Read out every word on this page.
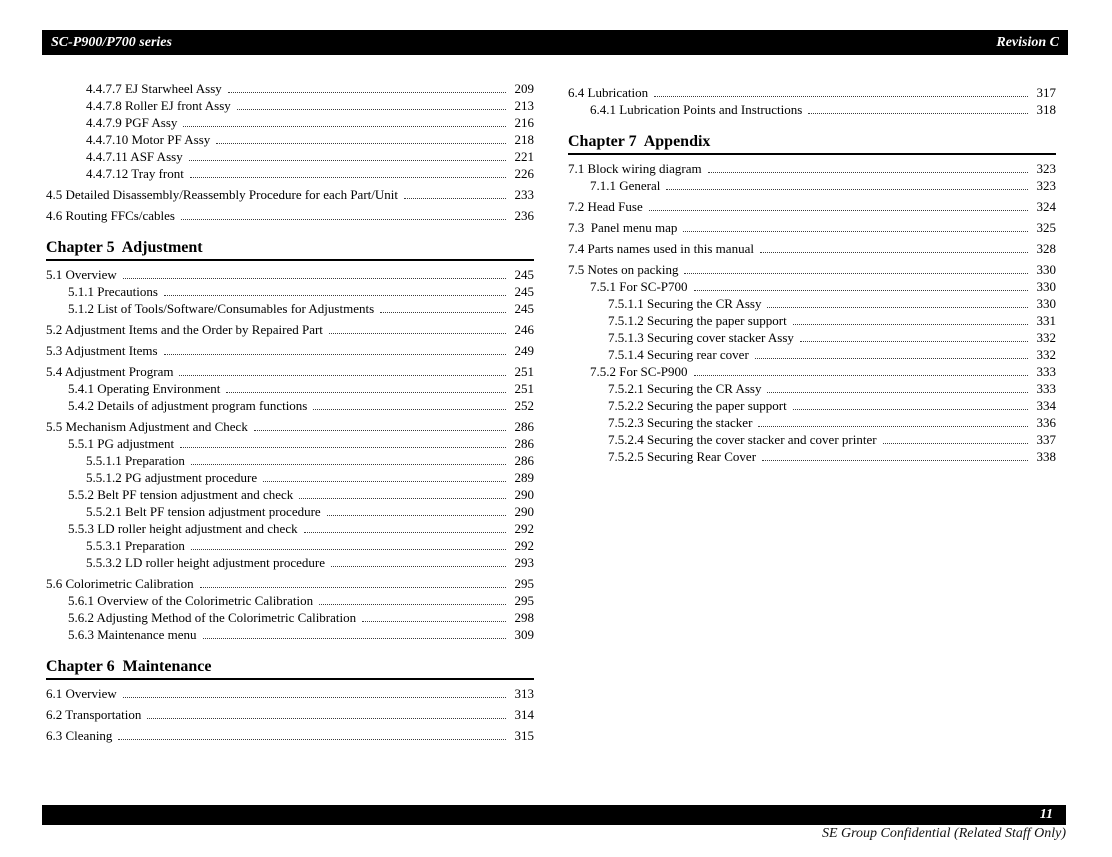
SC-P900/P700 series	Revision C
4.4.7.7 EJ Starwheel Assy	209
4.4.7.8 Roller EJ front Assy	213
4.4.7.9 PGF Assy	216
4.4.7.10 Motor PF Assy	218
4.4.7.11 ASF Assy	221
4.4.7.12 Tray front	226
4.5 Detailed Disassembly/Reassembly Procedure for each Part/Unit	233
4.6 Routing FFCs/cables	236
Chapter 5  Adjustment
5.1 Overview	245
5.1.1 Precautions	245
5.1.2 List of Tools/Software/Consumables for Adjustments	245
5.2 Adjustment Items and the Order by Repaired Part	246
5.3 Adjustment Items	249
5.4 Adjustment Program	251
5.4.1 Operating Environment	251
5.4.2 Details of adjustment program functions	252
5.5 Mechanism Adjustment and Check	286
5.5.1 PG adjustment	286
5.5.1.1 Preparation	286
5.5.1.2 PG adjustment procedure	289
5.5.2 Belt PF tension adjustment and check	290
5.5.2.1 Belt PF tension adjustment procedure	290
5.5.3 LD roller height adjustment and check	292
5.5.3.1 Preparation	292
5.5.3.2 LD roller height adjustment procedure	293
5.6 Colorimetric Calibration	295
5.6.1 Overview of the Colorimetric Calibration	295
5.6.2 Adjusting Method of the Colorimetric Calibration	298
5.6.3 Maintenance menu	309
Chapter 6  Maintenance
6.1 Overview	313
6.2 Transportation	314
6.3 Cleaning	315
6.4 Lubrication	317
6.4.1 Lubrication Points and Instructions	318
Chapter 7  Appendix
7.1 Block wiring diagram	323
7.1.1 General	323
7.2 Head Fuse	324
7.3  Panel menu map	325
7.4 Parts names used in this manual	328
7.5 Notes on packing	330
7.5.1 For SC-P700	330
7.5.1.1 Securing the CR Assy	330
7.5.1.2 Securing the paper support	331
7.5.1.3 Securing cover stacker Assy	332
7.5.1.4 Securing rear cover	332
7.5.2 For SC-P900	333
7.5.2.1 Securing the CR Assy	333
7.5.2.2 Securing the paper support	334
7.5.2.3 Securing the stacker	336
7.5.2.4 Securing the cover stacker and cover printer	337
7.5.2.5 Securing Rear Cover	338
11
SE Group Confidential (Related Staff Only)
